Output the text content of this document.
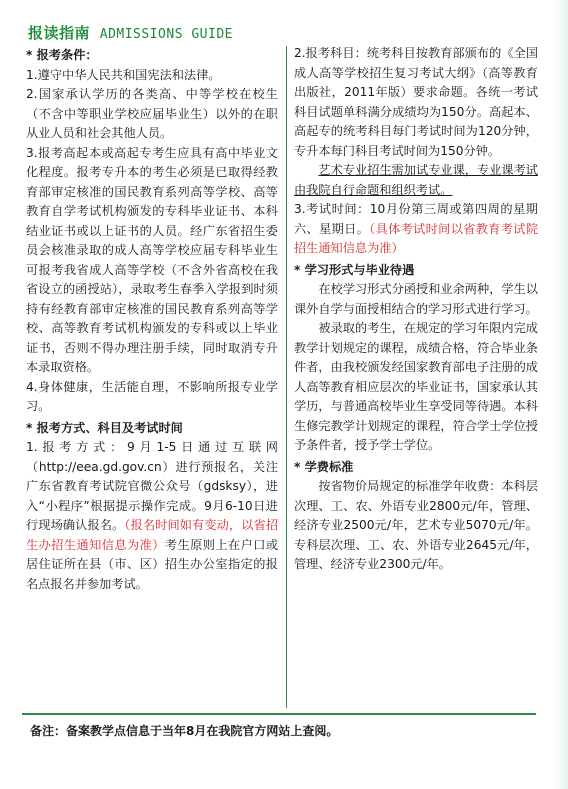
报读指南 ADMISSIONS GUIDE

* 报考条件：

1.遵守中华人民共和国宪法和法律。

2.国家承认学历的各类高、中等学校在校生（不含中等职业学校应届毕业生）以外的在职从业人员和社会其他人员。

3.报考高起本或高起专考生应具有高中毕业文化程度。报考专升本的考生必须是已取得经教育部审定核准的国民教育系列高等学校、高等教育自学考试机构颁发的专科毕业证书、本科结业证书或以上证书的人员。经广东省招生委员会核准录取的成人高等学校应届专科毕业生可报考我省成人高等学校（不含外省高校在我省设立的函授站），录取考生春季入学报到时须持有经教育部审定核准的国民教育系列高等学校、高等教育考试机构颁发的专科或以上毕业证书，否则不得办理注册手续，同时取消专升本录取资格。

4.身体健康，生活能自理，不影响所报专业学习。

* 报考方式、科目及考试时间

1.报考方式：9月1-5日通过互联网（http://eea.gd.gov.cn）进行预报名，关注广东省教育考试院官微公众号（gdsksy），进入“小程序”根据提示操作完成。9月6-10日进行现场确认报名。（报名时间如有变动，以省招生办招生通知信息为准）考生原则上在户口或居住证所在县（市、区）招生办公室指定的报名点报名并参加考试。

2.报考科目：统考科目按教育部颁布的《全国成人高等学校招生复习考试大纲》（高等教育出版社，2011年版）要求命题。各统一考试科目试题单科满分成绩均为150分。高起本、高起专的统考科目每门考试时间为120分钟，专升本每门科目考试时间为150分钟。

艺术专业招生需加试专业课，专业课考试由我院自行命题和组织考试。

3.考试时间：10月份第三周或第四周的星期六、星期日。（具体考试时间以省教育考试院招生通知信息为准）

* 学习形式与毕业待遇

在校学习形式分函授和业余两种，学生以课外自学与面授相结合的学习形式进行学习。

被录取的考生，在规定的学习年限内完成教学计划规定的课程，成绩合格，符合毕业条件者，由我校颁发经国家教育部电子注册的成人高等教育相应层次的毕业证书，国家承认其学历，与普通高校毕业生享受同等待遇。本科生修完教学计划规定的课程，符合学士学位授予条件者，授予学士学位。

* 学费标准

按省物价局规定的标准学年收费：本科层次理、工、农、外语专业2800元/年，管理、经济专业2500元/年，艺术专业5070元/年。专科层次理、工、农、外语专业2645元/年，管理、经济专业2300元/年。

备注：备案教学点信息于当年8月在我院官方网站上查阅。
